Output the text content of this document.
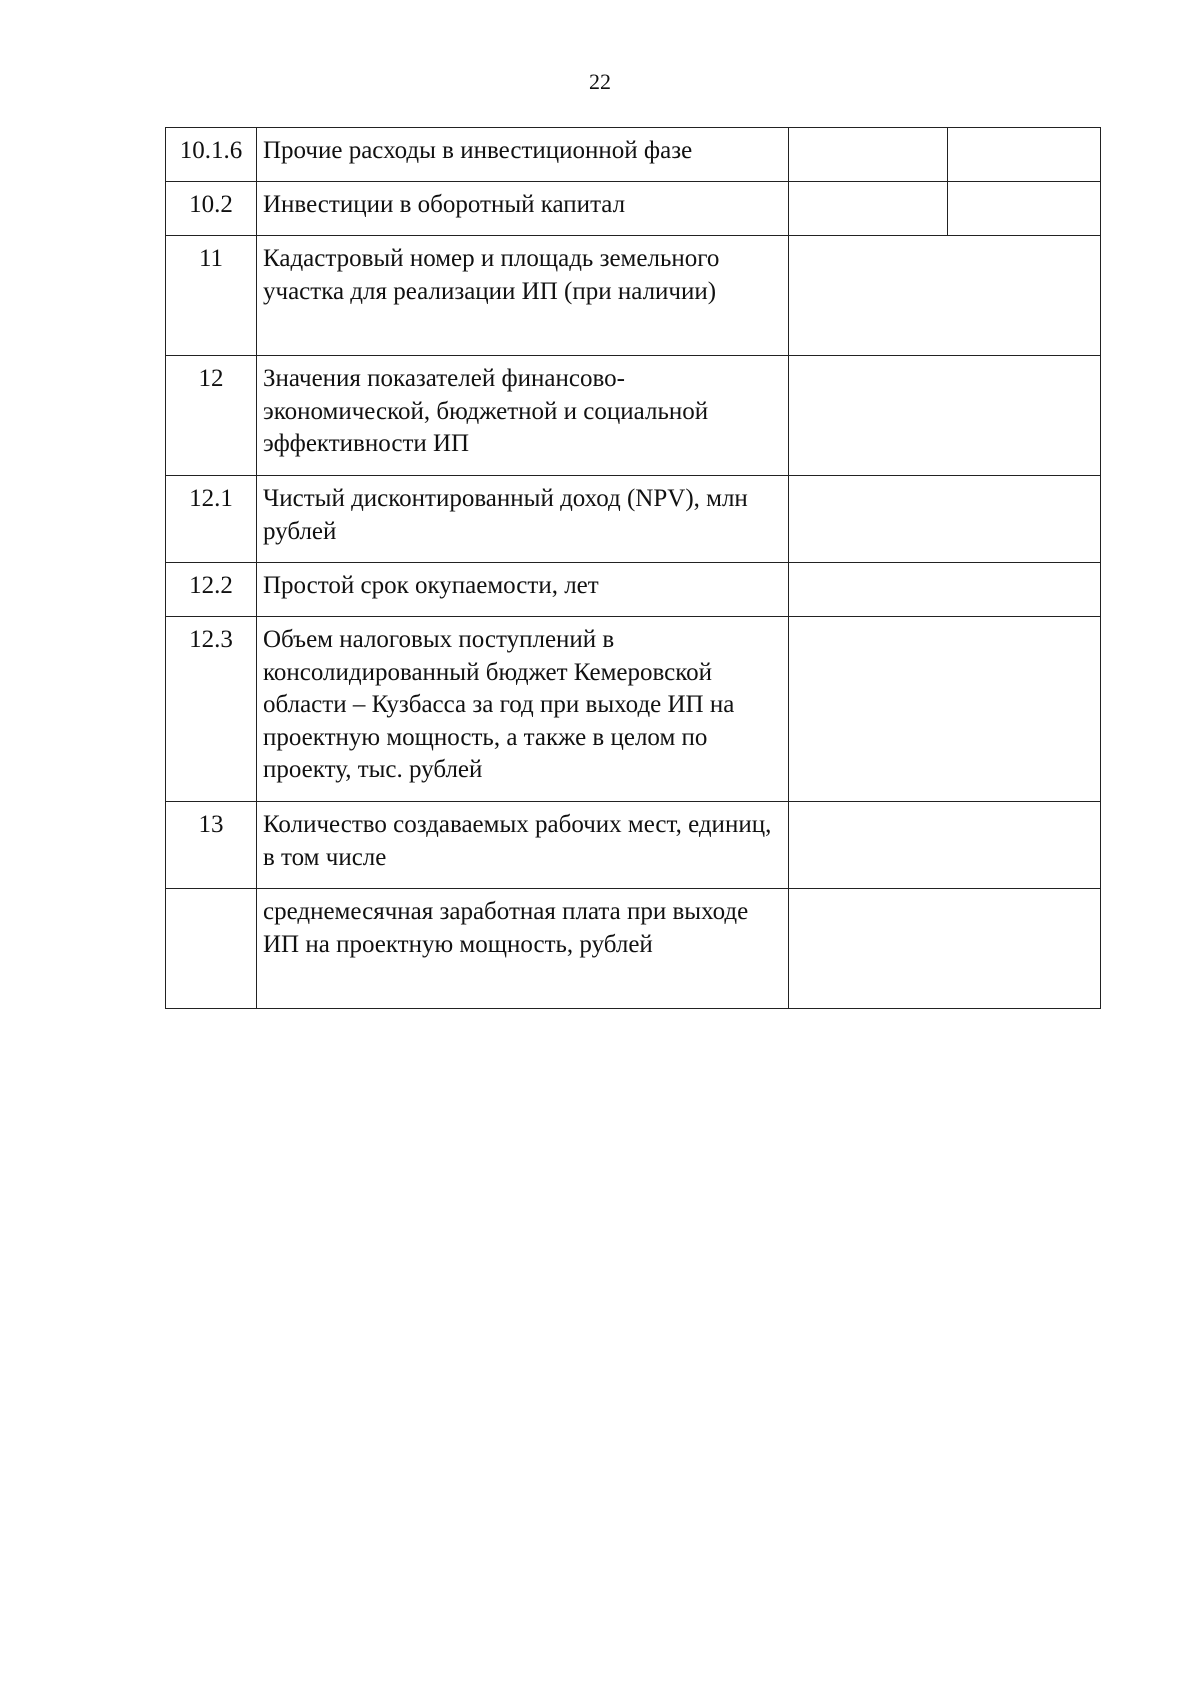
22
10.1.6	Прочие расходы в инвестиционной фазе		
10.2	Инвестиции в оборотный капитал		
11	Кадастровый номер и площадь земельного участка для реализации ИП (при наличии)		
12	Значения показателей финансово-экономической, бюджетной и социальной эффективности ИП		
12.1	Чистый дисконтированный доход (NPV), млн рублей		
12.2	Простой срок окупаемости, лет		
12.3	Объем налоговых поступлений в консолидированный бюджет Кемеровской области – Кузбасса за год при выходе ИП на проектную мощность, а также в целом по проекту, тыс. рублей		
13	Количество создаваемых рабочих мест, единиц, в том числе		
	среднемесячная заработная плата при выходе ИП на проектную мощность, рублей		
